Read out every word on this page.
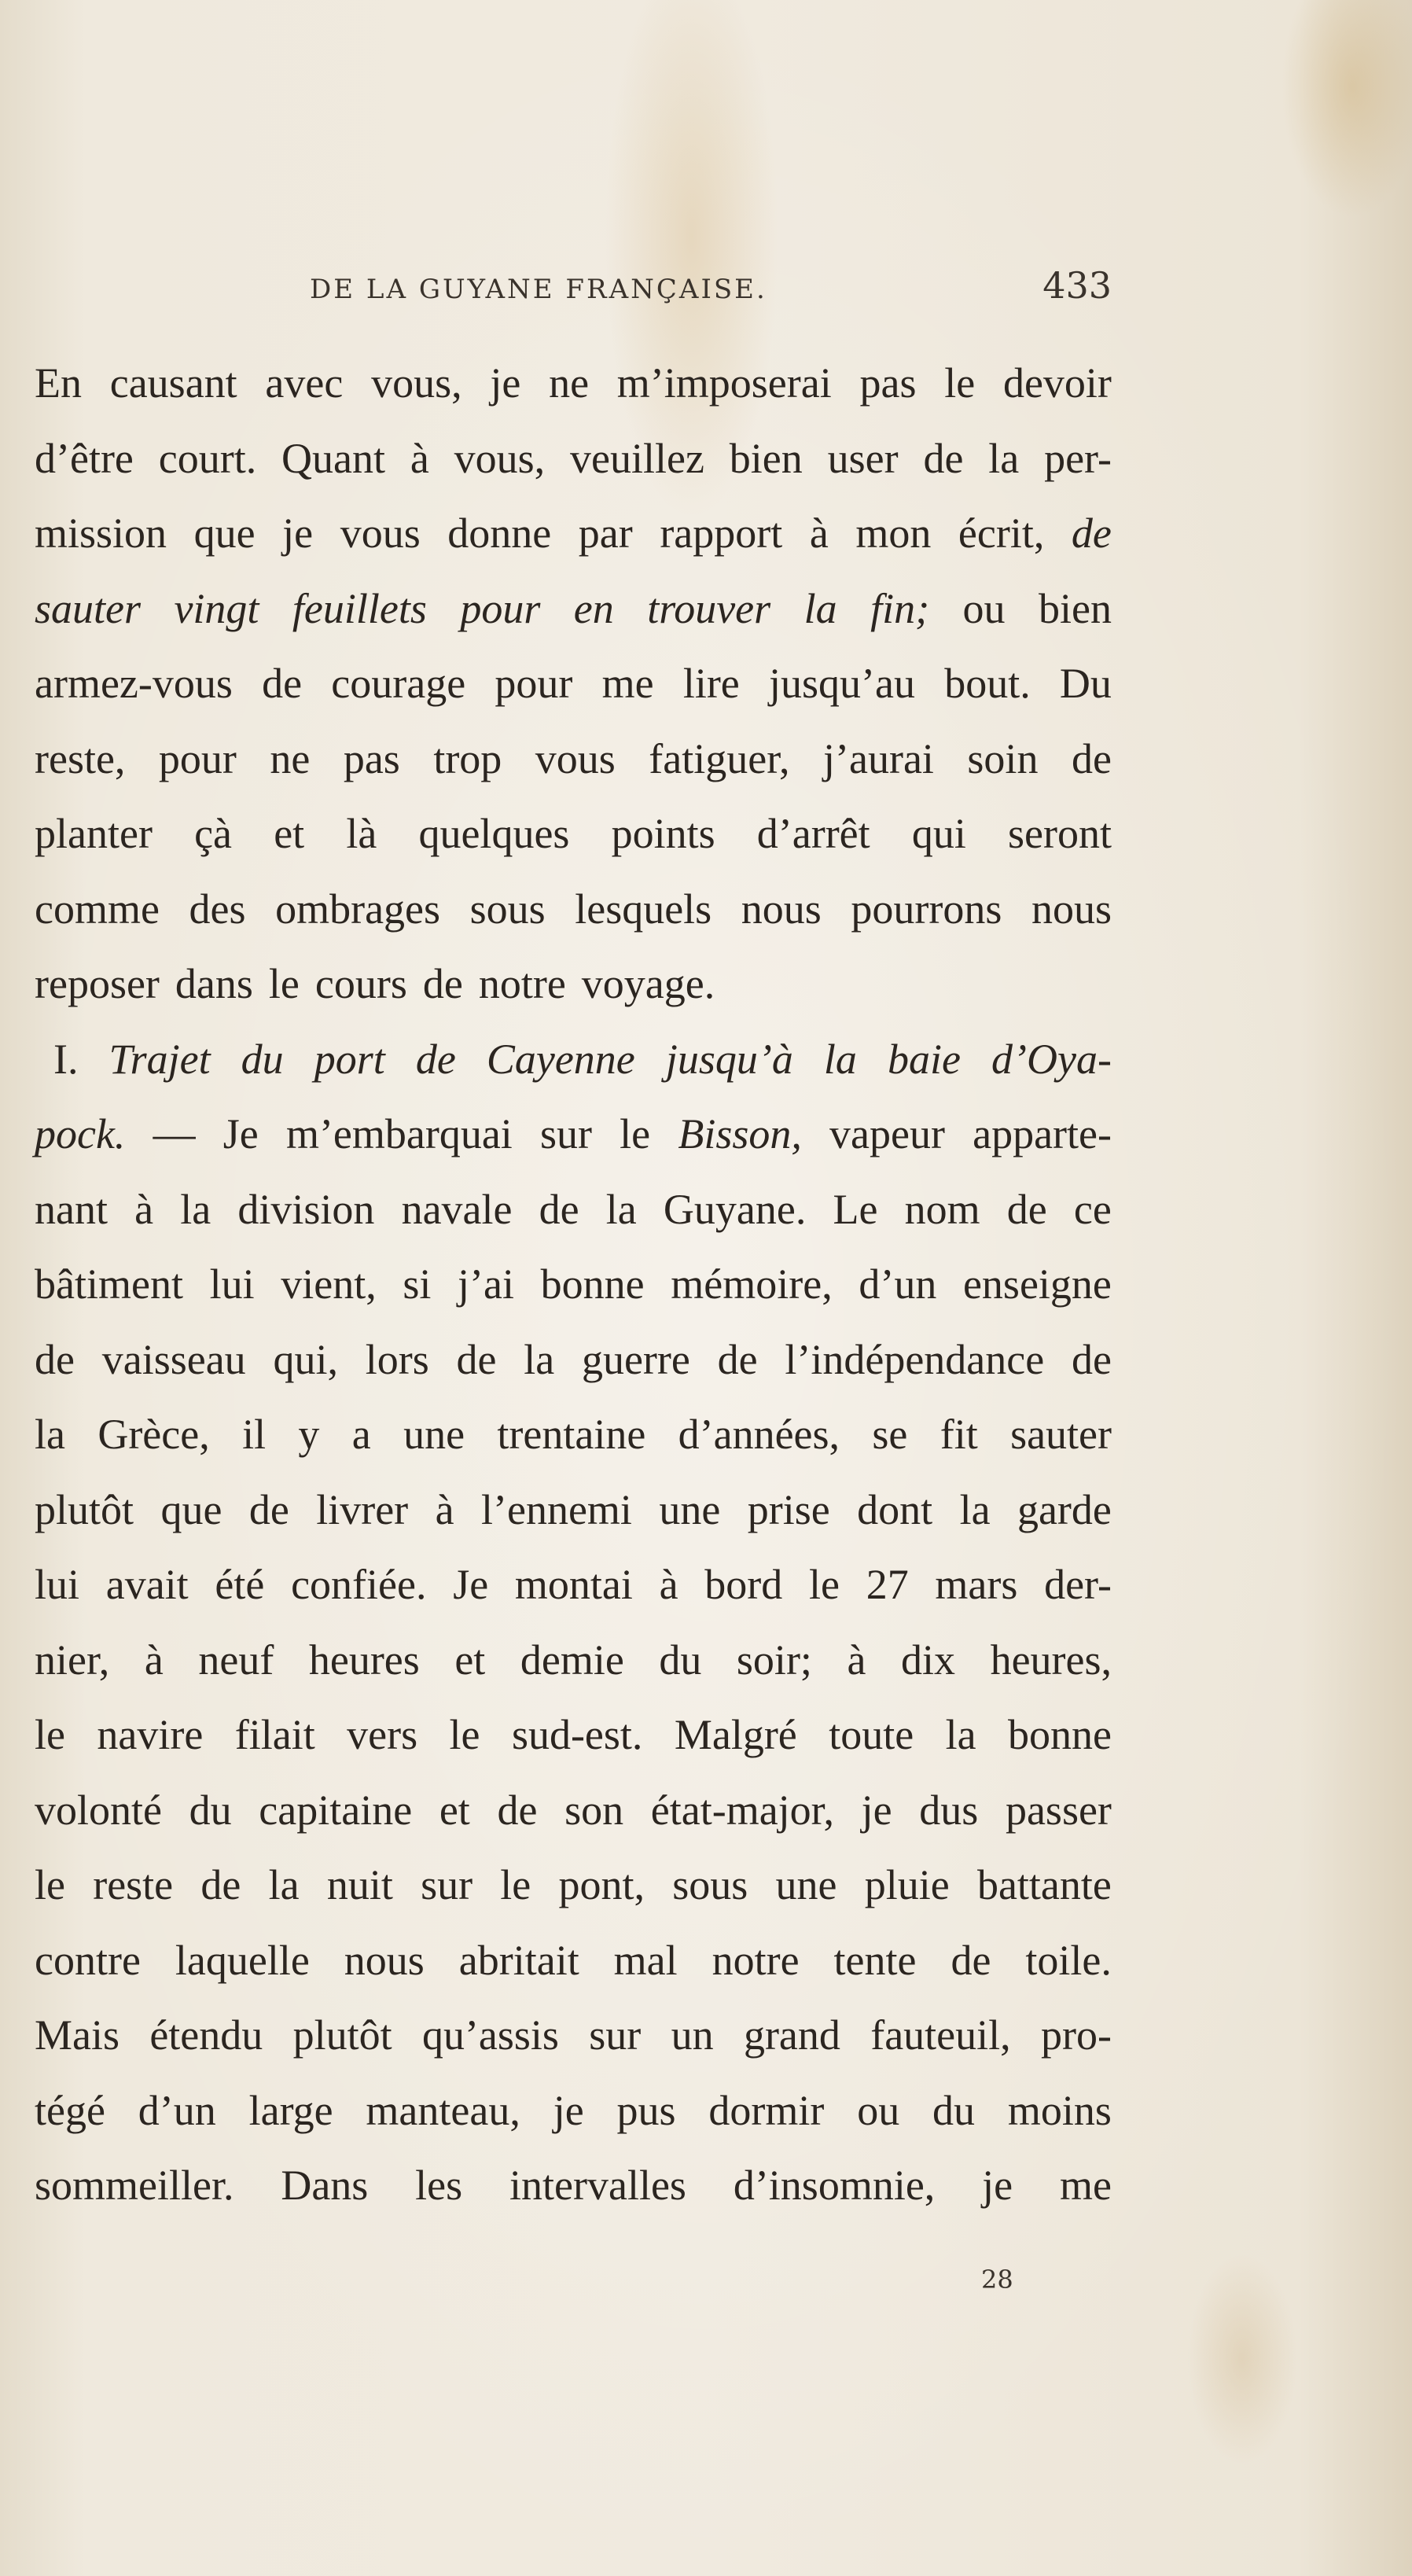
DE LA GUYANE FRANÇAISE.	433
En causant avec vous, je ne m’imposerai pas le devoir
d’être court. Quant à vous, veuillez bien user de la per-
mission que je vous donne par rapport à mon écrit, de
sauter vingt feuillets pour en trouver la fin; ou bien
armez-vous de courage pour me lire jusqu’au bout. Du
reste, pour ne pas trop vous fatiguer, j’aurai soin de
planter çà et là quelques points d’arrêt qui seront
comme des ombrages sous lesquels nous pourrons nous
reposer dans le cours de notre voyage.
I. Trajet du port de Cayenne jusqu’à la baie d’Oya-
pock. — Je m’embarquai sur le Bisson, vapeur apparte-
nant à la division navale de la Guyane. Le nom de ce
bâtiment lui vient, si j’ai bonne mémoire, d’un enseigne
de vaisseau qui, lors de la guerre de l’indépendance de
la Grèce, il y a une trentaine d’années, se fit sauter
plutôt que de livrer à l’ennemi une prise dont la garde
lui avait été confiée. Je montai à bord le 27 mars der-
nier, à neuf heures et demie du soir; à dix heures,
le navire filait vers le sud-est. Malgré toute la bonne
volonté du capitaine et de son état-major, je dus passer
le reste de la nuit sur le pont, sous une pluie battante
contre laquelle nous abritait mal notre tente de toile.
Mais étendu plutôt qu’assis sur un grand fauteuil, pro-
tégé d’un large manteau, je pus dormir ou du moins
sommeiller. Dans les intervalles d’insomnie, je me
28
